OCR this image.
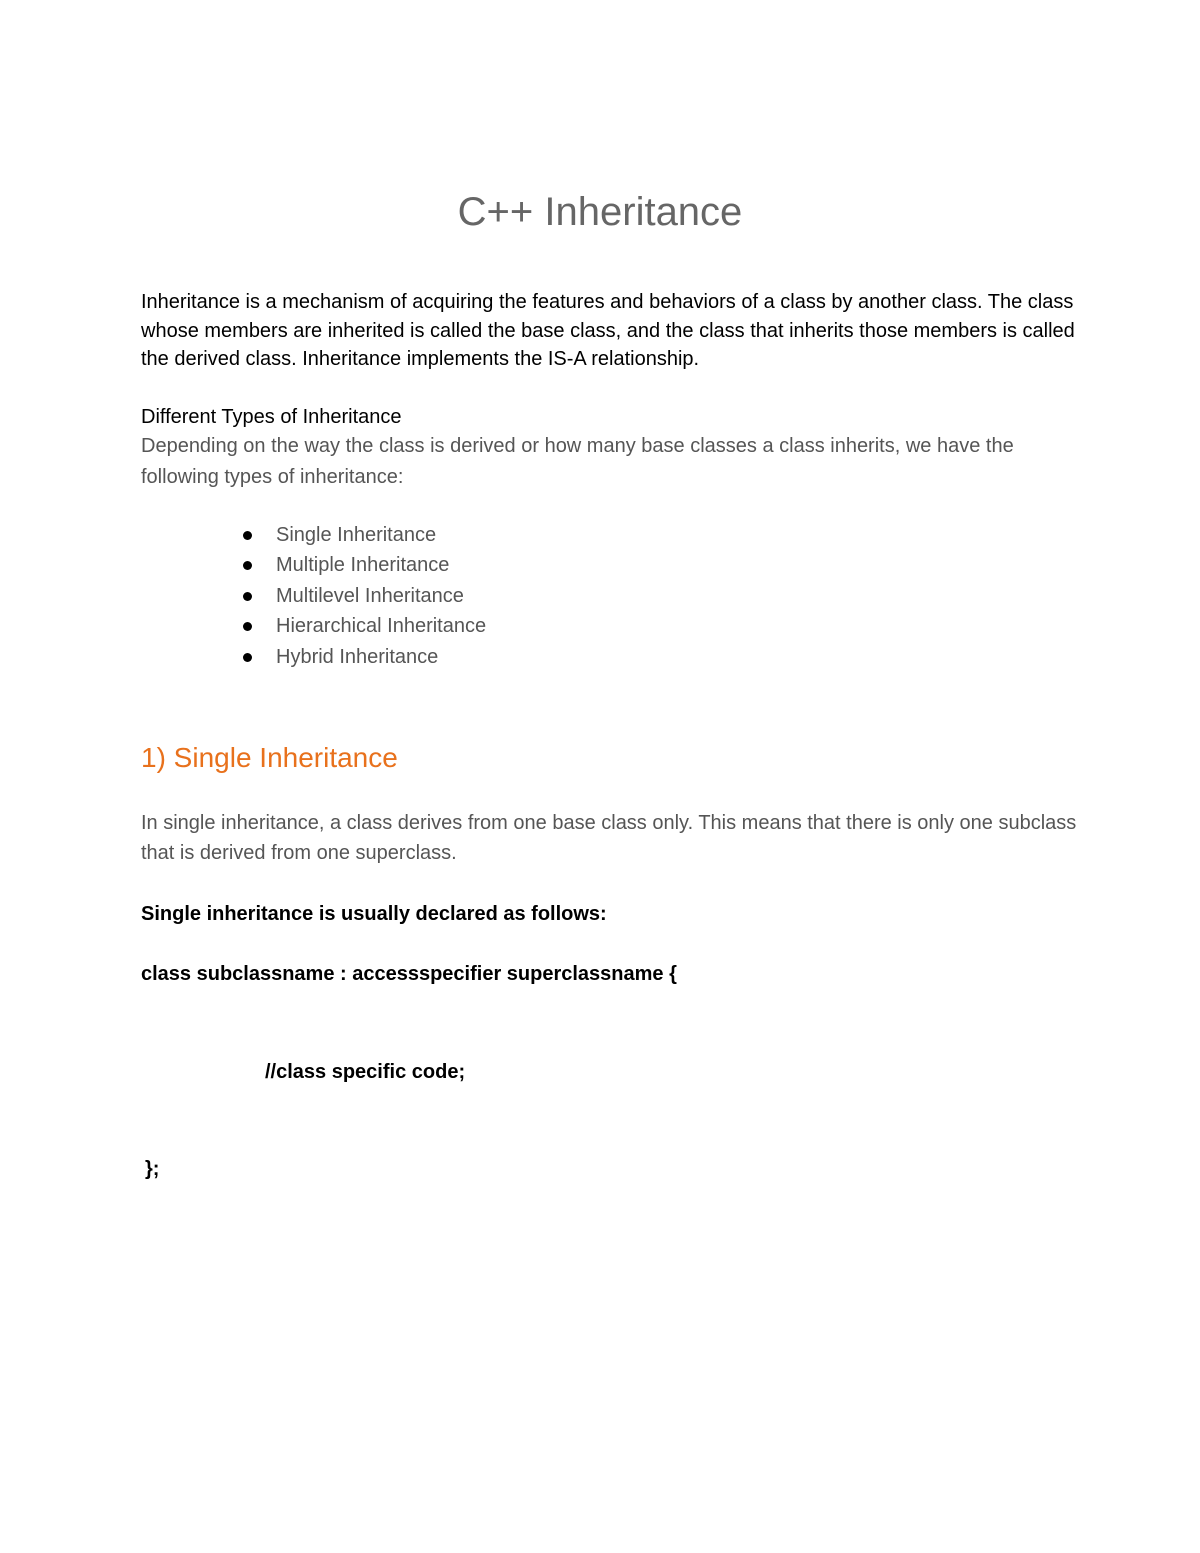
C++ Inheritance

Inheritance is a mechanism of acquiring the features and behaviors of a class by another class. The class whose members are inherited is called the base class, and the class that inherits those members is called the derived class. Inheritance implements the IS-A relationship.

Different Types of Inheritance

Depending on the way the class is derived or how many base classes a class inherits, we have the following types of inheritance:

Single Inheritance
Multiple Inheritance
Multilevel Inheritance
Hierarchical Inheritance
Hybrid Inheritance
1) Single Inheritance

In single inheritance, a class derives from one base class only. This means that there is only one subclass that is derived from one superclass.

Single inheritance is usually declared as follows:

class subclassname : accessspecifier superclassname {

//class specific code;

};
